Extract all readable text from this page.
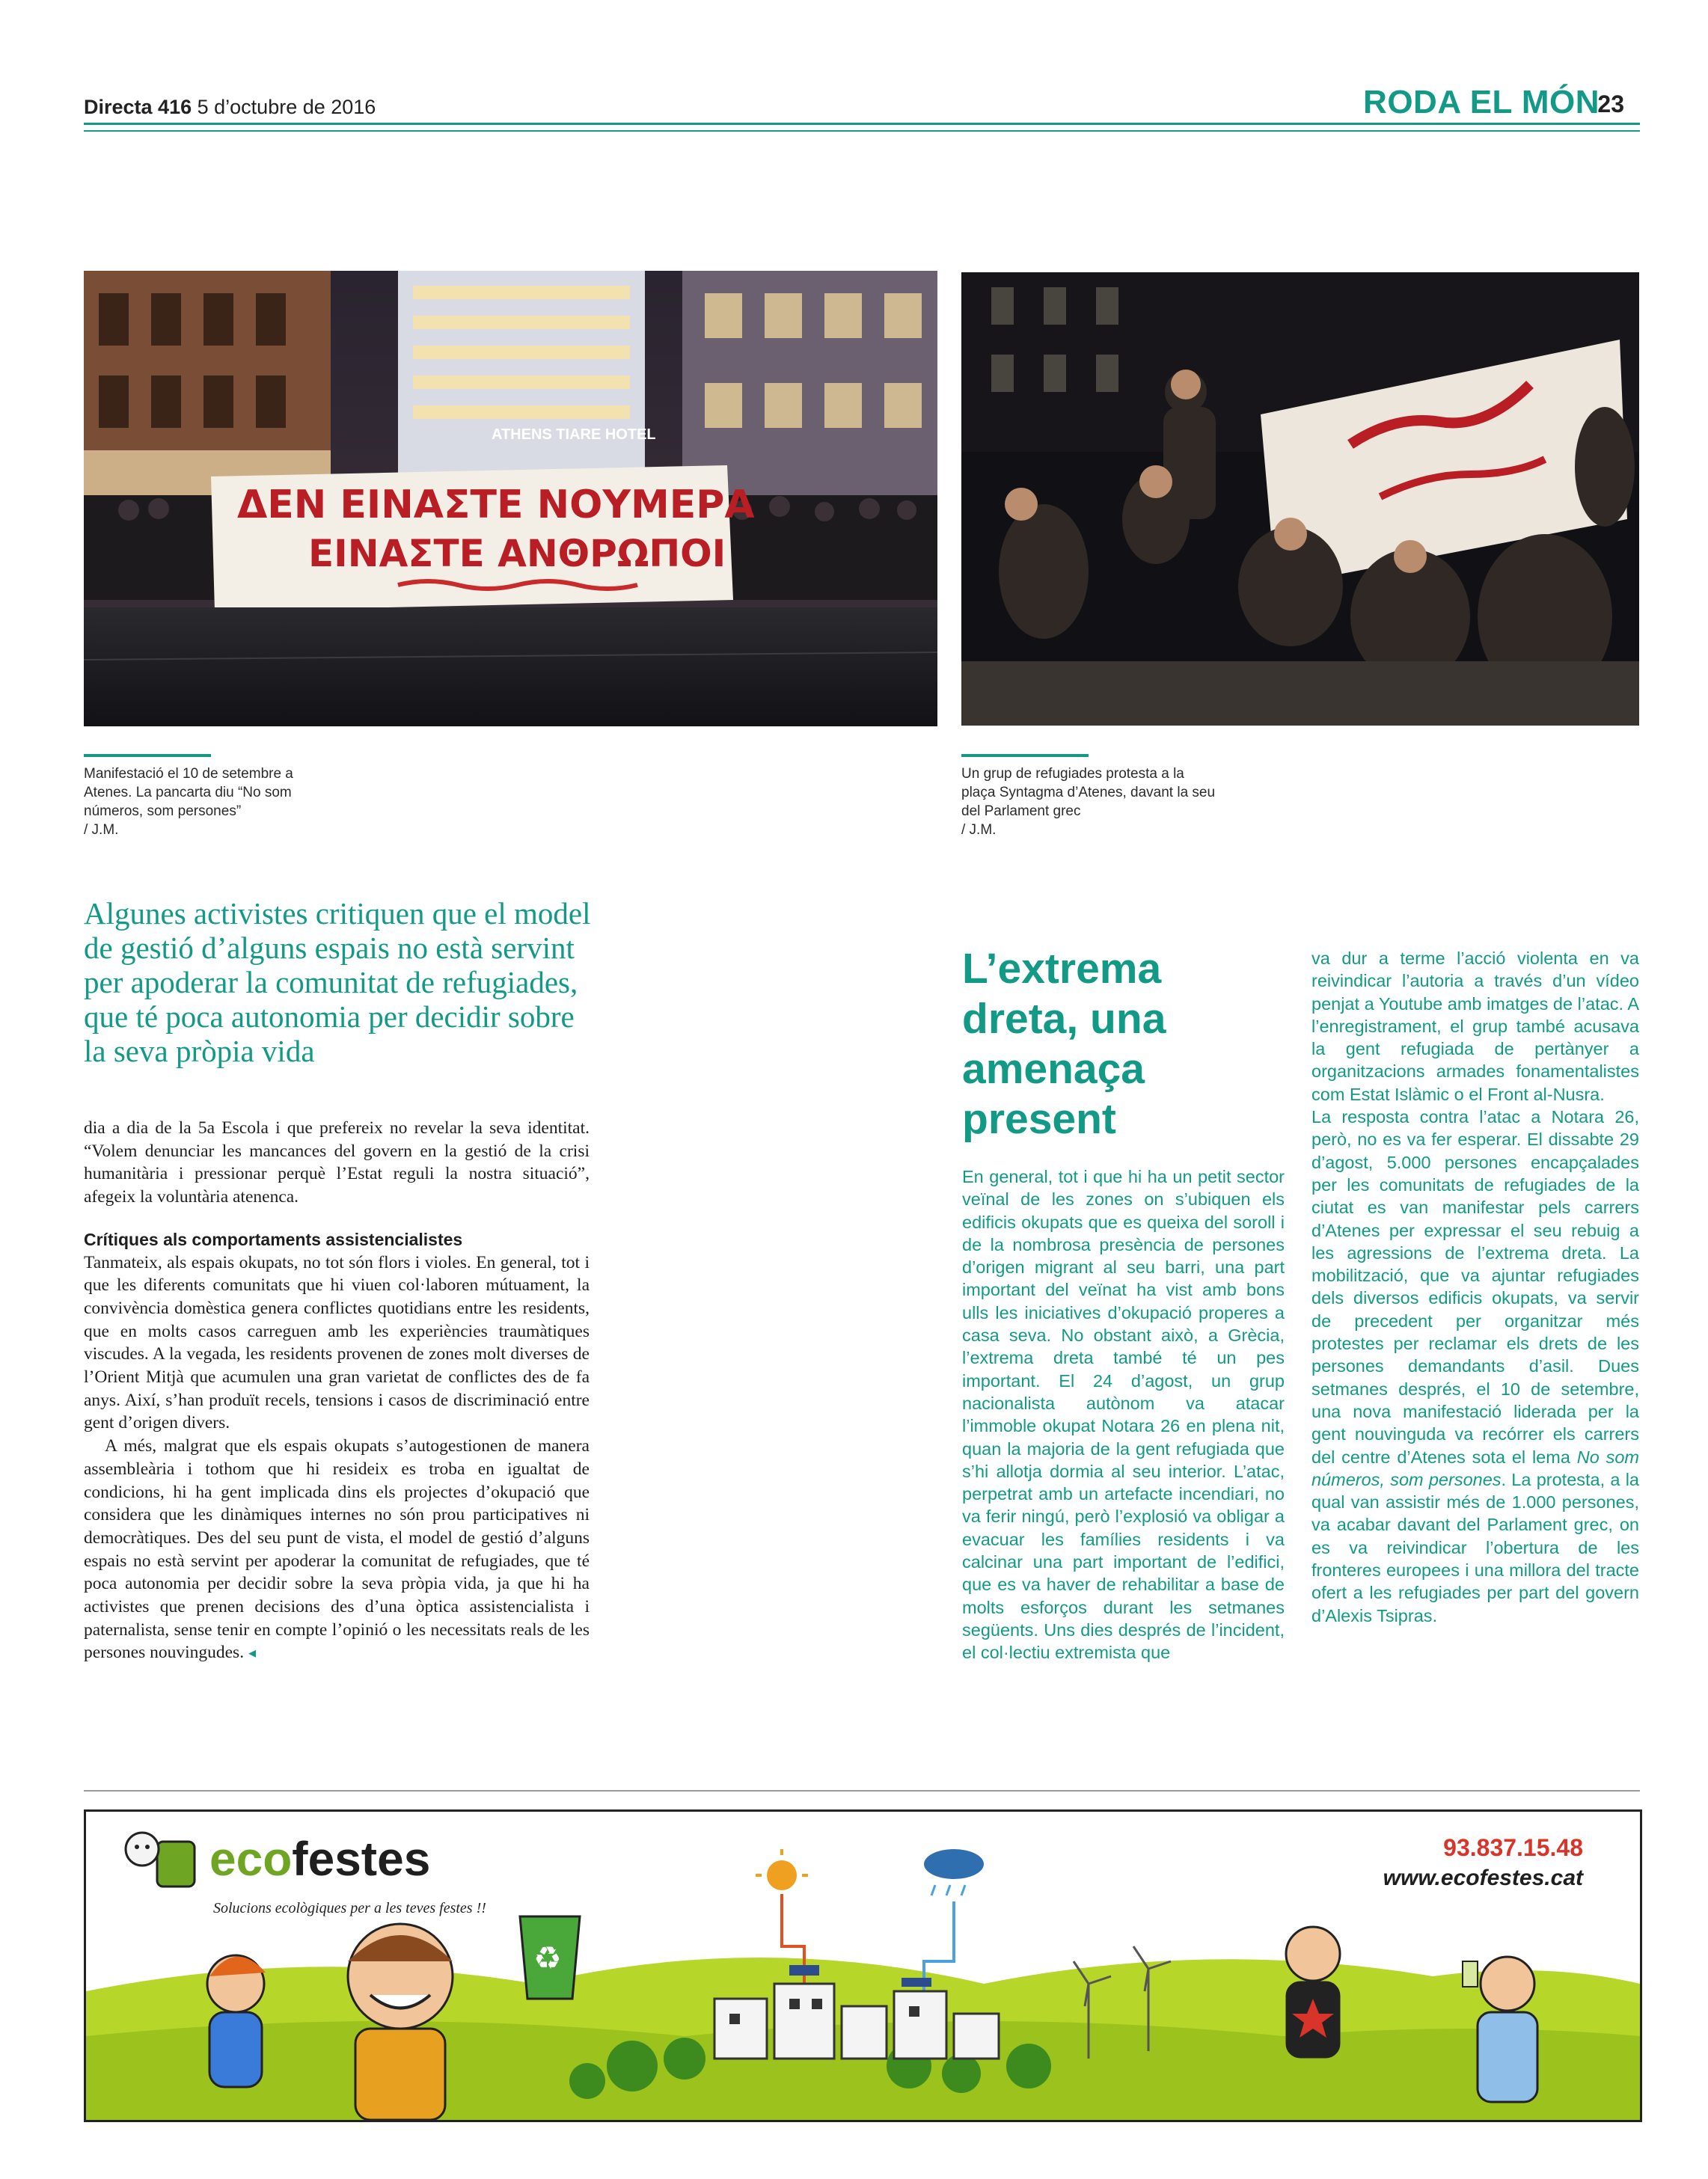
Directa 416 5 d’octubre de 2016	RODA EL MÓN
23
ATHENS TIARE HOTEL
ΔΕΝ ΕΙΝΑΣΤΕ ΝΟΥΜΕΡΑ
ΕΙΝΑΣΤΕ ΑΝΘΡΩΠΟΙ
Manifestació el 10 de setembre a Atenes. La pancarta diu “No som números, som persones”
/ J.M.
Un grup de refugiades protesta a la plaça Syntagma d’Atenes, davant la seu del Parlament grec
/ J.M.
Algunes activistes critiquen que el model de gestió d’alguns espais no està servint per apoderar la comunitat de refugiades, que té poca autonomia per decidir sobre la seva pròpia vida

dia a dia de la 5a Escola i que prefereix no revelar la seva identitat. “Volem denunciar les mancances del govern en la gestió de la crisi humanitària i pressionar perquè l’Estat reguli la nostra situació”, afegeix la voluntària atenenca.

Crítiques als comportaments assistencialistes

Tanmateix, als espais okupats, no tot són flors i violes. En general, tot i que les diferents comunitats que hi viuen col·laboren mútuament, la convivència domèstica genera conflictes quotidians entre les residents, que en molts casos carreguen amb les experiències traumàtiques viscudes. A la vegada, les residents provenen de zones molt diverses de l’Orient Mitjà que acumulen una gran varietat de conflictes des de fa anys. Així, s’han produït recels, tensions i casos de discriminació entre gent d’origen divers.

A més, malgrat que els espais okupats s’autogestionen de manera assembleària i tothom que hi resideix es troba en igualtat de condicions, hi ha gent implicada dins els projectes d’okupació que considera que les dinàmiques internes no són prou participatives ni democràtiques. Des del seu punt de vista, el model de gestió d’alguns espais no està servint per apoderar la comunitat de refugiades, que té poca autonomia per decidir sobre la seva pròpia vida, ja que hi ha activistes que prenen decisions des d’una òptica assistencialista i paternalista, sense tenir en compte l’opinió o les necessitats reals de les persones nouvingudes. ◂

L’extrema dreta, una amenaça present

En general, tot i que hi ha un petit sector veïnal de les zones on s’ubiquen els edificis okupats que es queixa del soroll i de la nombrosa presència de persones d’origen migrant al seu barri, una part important del veïnat ha vist amb bons ulls les iniciatives d’okupació properes a casa seva. No obstant això, a Grècia, l’extrema dreta també té un pes important. El 24 d’agost, un grup nacionalista autònom va atacar l’immoble okupat Notara 26 en plena nit, quan la majoria de la gent refugiada que s’hi allotja dormia al seu interior. L’atac, perpetrat amb un artefacte incendiari, no va ferir ningú, però l’explosió va obligar a evacuar les famílies residents i va calcinar una part important de l’edifici, que es va haver de rehabilitar a base de molts esforços durant les setmanes següents. Uns dies després de l’incident, el col·lectiu extremista que

va dur a terme l’acció violenta en va reivindicar l’autoria a través d’un vídeo penjat a Youtube amb imatges de l’atac. A l’enregistrament, el grup també acusava la gent refugiada de pertànyer a organitzacions armades fonamentalistes com Estat Islàmic o el Front al-Nusra.

La resposta contra l’atac a Notara 26, però, no es va fer esperar. El dissabte 29 d’agost, 5.000 persones encapçalades per les comunitats de refugiades de la ciutat es van manifestar pels carrers d’Atenes per expressar el seu rebuig a les agressions de l’extrema dreta. La mobilització, que va ajuntar refugiades dels diversos edificis okupats, va servir de precedent per organitzar més protestes per reclamar els drets de les persones demandants d’asil. Dues setmanes després, el 10 de setembre, una nova manifestació liderada per la gent nouvinguda va recórrer els carrers del centre d’Atenes sota el lema No som números, som persones. La protesta, a la qual van assistir més de 1.000 persones, va acabar davant del Parlament grec, on es va reivindicar l’obertura de les fronteres europees i una millora del tracte ofert a les refugiades per part del govern d’Alexis Tsipras.

♻
ecofestes
Solucions ecològiques per a les teves festes !!
93.837.15.48
www.ecofestes.cat
